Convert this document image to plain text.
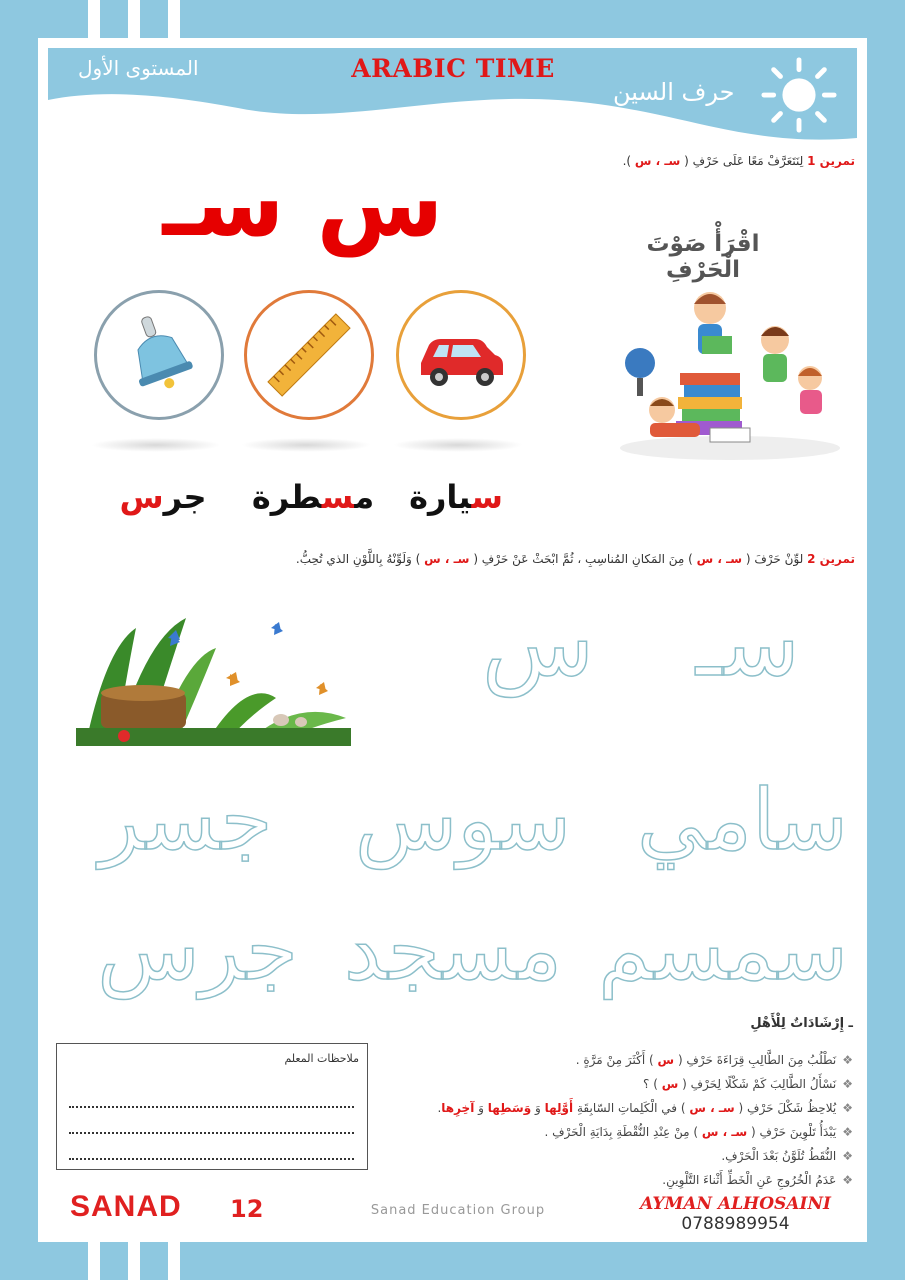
ARABIC TIME
المستوى الأول
حرف السين
تمرين 1 لِنَتَعَرَّفْ مَعًا عَلَى حَرْفِ ( سـ ، س ).
س سـ	اقْرَأْ صَوْتَ الْحَرْفِ
سيارة
مسطرة
جرس
تمرين 2 لوِّنْ حَرْفَ ( سـ ، س ) مِنَ المَكانِ المُناسِبِ ، ثُمَّ ابْحَثْ عَنْ حَرْفِ ( سـ ، س ) وَلَوِّنْهُ بِاللَّوْنِ الذي تُحِبُّ.
سـ
س
سامي
سوس
جسر
سمسم
مسجد
جرس
ـ إِرْشَادَاتٌ لِلْأَهْلِ
❖نَطْلُبُ مِنَ الطَّالِبِ قِرَاءَةَ حَرْفِ ( س ) أَكْثَرَ مِنْ مَرَّةٍ .
❖نَسْأَلُ الطَّالِبَ كَمْ شَكْلًا لِحَرْفِ ( س ) ؟
❖يُلاحِظُ شَكْلَ حَرْفِ ( سـ ، س ) في الْكَلِماتِ السّابِقَةِ أَوَّلِها وَ وَسَطِها وَ آخِرِها.
❖يَبْدَأُ تَلْوِينَ حَرْفِ ( سـ ، س ) مِنْ عِنْدِ النُّقْطَةِ بِدَايَةِ الْحَرْفِ .
❖النُّقَطُ تُلَوَّنُ بَعْدَ الْحَرْفِ.
❖عَدَمُ الْخُرُوجِ عَنِ الْخَطِّ أَثْناءَ التَّلْوِينِ.
ملاحظات المعلم
SANAD 12	Sanad Education Group	AYMAN ALHOSAINI
0788989954
